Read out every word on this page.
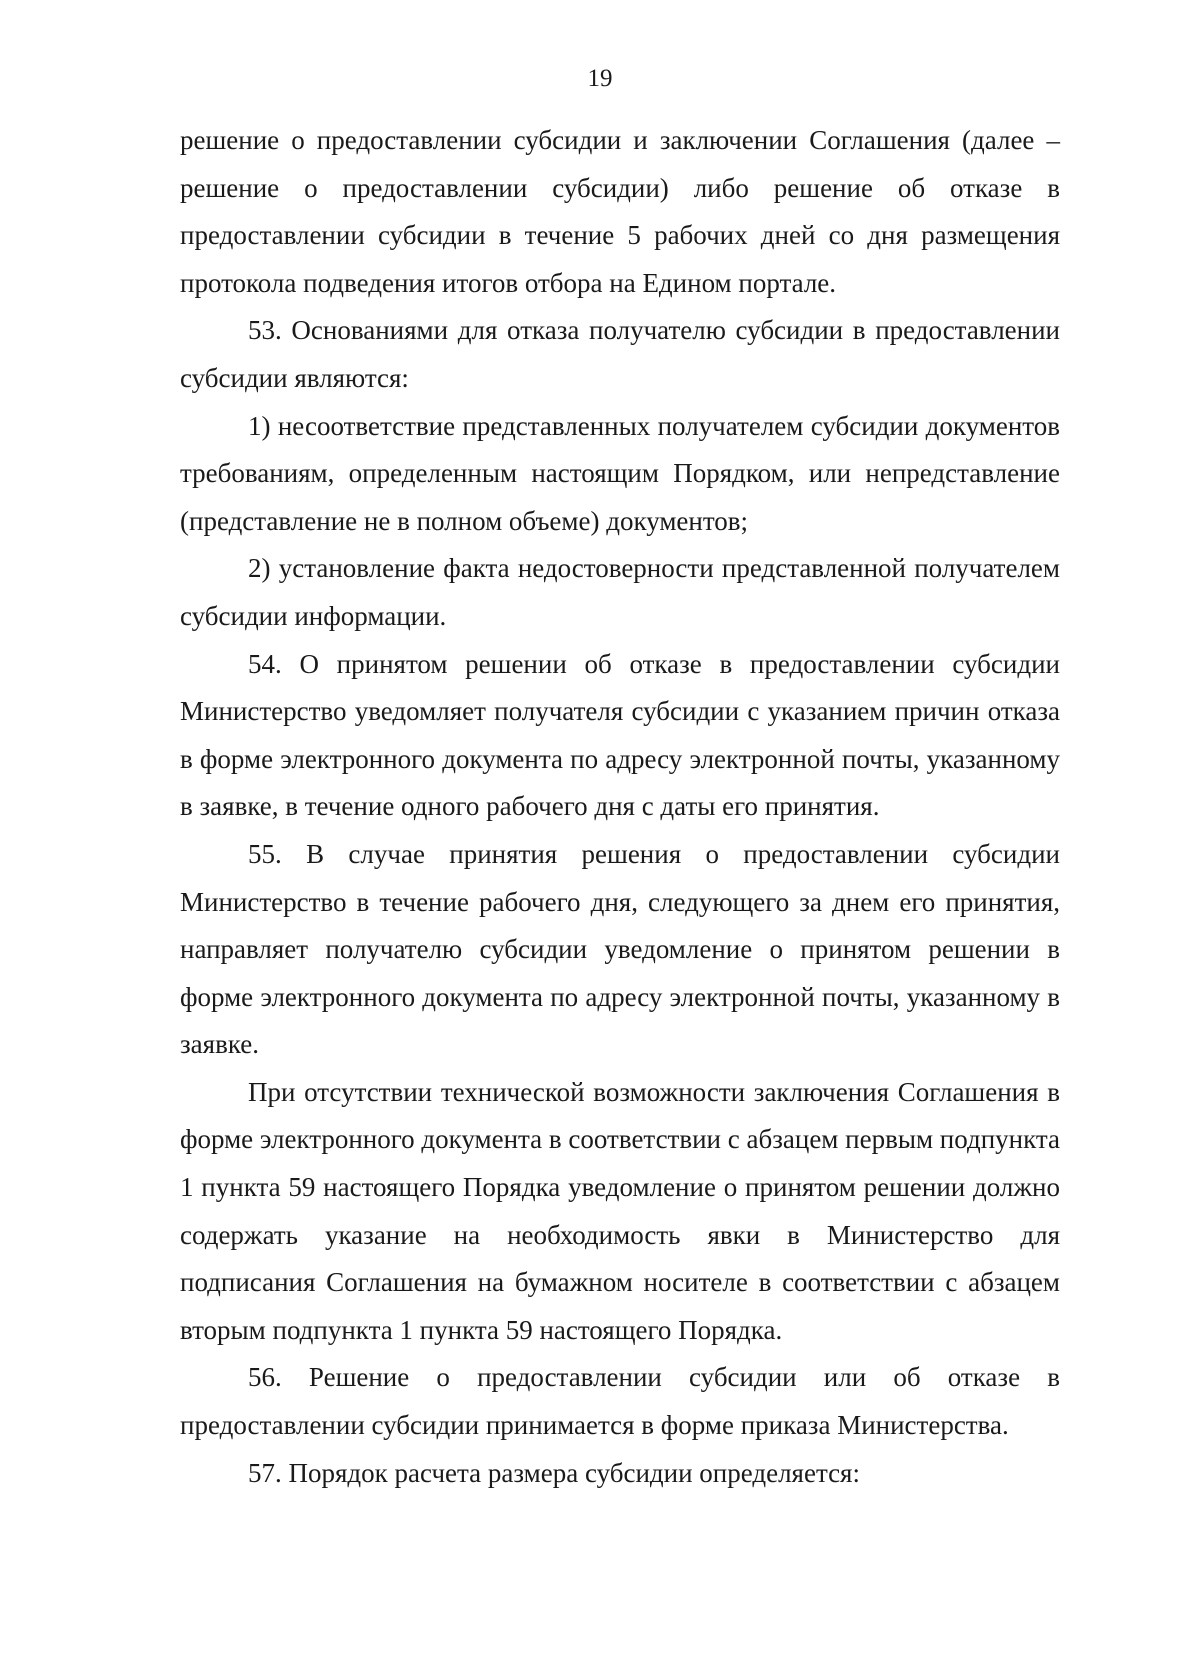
19

решение о предоставлении субсидии и заключении Соглашения (далее – решение о предоставлении субсидии) либо решение об отказе в предоставлении субсидии в течение 5 рабочих дней со дня размещения протокола подведения итогов отбора на Едином портале.

53. Основаниями для отказа получателю субсидии в предоставлении субсидии являются:

1) несоответствие представленных получателем субсидии документов требованиям, определенным настоящим Порядком, или непредставление (представление не в полном объеме) документов;

2) установление факта недостоверности представленной получателем субсидии информации.

54. О принятом решении об отказе в предоставлении субсидии Министерство уведомляет получателя субсидии с указанием причин отказа в форме электронного документа по адресу электронной почты, указанному в заявке, в течение одного рабочего дня с даты его принятия.

55. В случае принятия решения о предоставлении субсидии Министерство в течение рабочего дня, следующего за днем его принятия, направляет получателю субсидии уведомление о принятом решении в форме электронного документа по адресу электронной почты, указанному в заявке.

При отсутствии технической возможности заключения Соглашения в форме электронного документа в соответствии с абзацем первым подпункта 1 пункта 59 настоящего Порядка уведомление о принятом решении должно содержать указание на необходимость явки в Министерство для подписания Соглашения на бумажном носителе в соответствии с абзацем вторым подпункта 1 пункта 59 настоящего Порядка.

56. Решение о предоставлении субсидии или об отказе в предоставлении субсидии принимается в форме приказа Министерства.

57. Порядок расчета размера субсидии определяется:
